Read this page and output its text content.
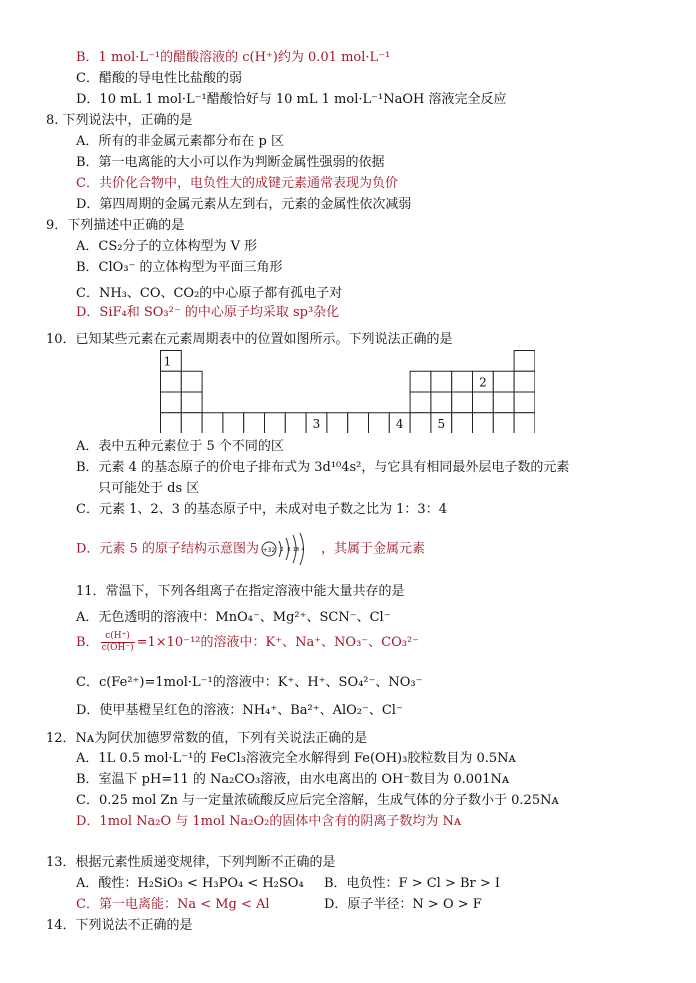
B．1 mol·L⁻¹的醋酸溶液的 c(H⁺)约为 0.01 mol·L⁻¹
C．醋酸的导电性比盐酸的弱
D．10 mL 1 mol·L⁻¹醋酸恰好与 10 mL 1 mol·L⁻¹NaOH 溶液完全反应
8. 下列说法中，正确的是
A．所有的非金属元素都分布在 p 区
B．第一电离能的大小可以作为判断金属性强弱的依据
C．共价化合物中，电负性大的成键元素通常表现为负价
D．第四周期的金属元素从左到右，元素的金属性依次减弱
9．下列描述中正确的是
A．CS₂分子的立体构型为 V 形
B．ClO₃⁻ 的立体构型为平面三角形
C．NH₃、CO、CO₂的中心原子都有孤电子对
D．SiF₄和 SO₃²⁻ 的中心原子均采取 sp³杂化
10．已知某些元素在元素周期表中的位置如图所示。下列说法正确的是
1
2
3	4	5
A．表中五种元素位于 5 个不同的区
B．元素 4 的基态原子的价电子排布式为 3d¹⁰4s²，与它具有相同最外层电子数的元素
只可能处于 ds 区
C．元素 1、2、3 的基态原子中，未成对电子数之比为 1：3：4
D．元素 5 的原子结构示意图为 +32 2 8 18 4 ，其属于金属元素
11．常温下，下列各组离子在指定溶液中能大量共存的是
A．无色透明的溶液中：MnO₄⁻、Mg²⁺、SCN⁻、Cl⁻
B． $\frac{c(H^+)}{c(OH^-)} =1\times 10^{-12}$的溶液中：K⁺、Na⁺、NO₃⁻、CO₃²⁻
C．c(Fe²⁺)=1mol·L⁻¹的溶液中：K⁺、H⁺、SO₄²⁻、NO₃⁻
D．使甲基橙呈红色的溶液：NH₄⁺、Ba²⁺、AlO₂⁻、Cl⁻
12．Nᴀ为阿伏加德罗常数的值，下列有关说法正确的是
A．1L 0.5 mol·L⁻¹的 FeCl₃溶液完全水解得到 Fe(OH)₃胶粒数目为 0.5Nᴀ
B．室温下 pH=11 的 Na₂CO₃溶液，由水电离出的 OH⁻数目为 0.001Nᴀ
C．0.25 mol Zn 与一定量浓硫酸反应后完全溶解，生成气体的分子数小于 0.25Nᴀ
D．1mol Na₂O 与 1mol Na₂O₂的固体中含有的阴离子数均为 Nᴀ
13．根据元素性质递变规律，下列判断不正确的是
A．酸性：H₂SiO₃ < H₃PO₄ < H₂SO₄ B．电负性：F > Cl > Br > I
C．第一电离能：Na < Mg < Al	D．原子半径：N > O > F
14．下列说法不正确的是
